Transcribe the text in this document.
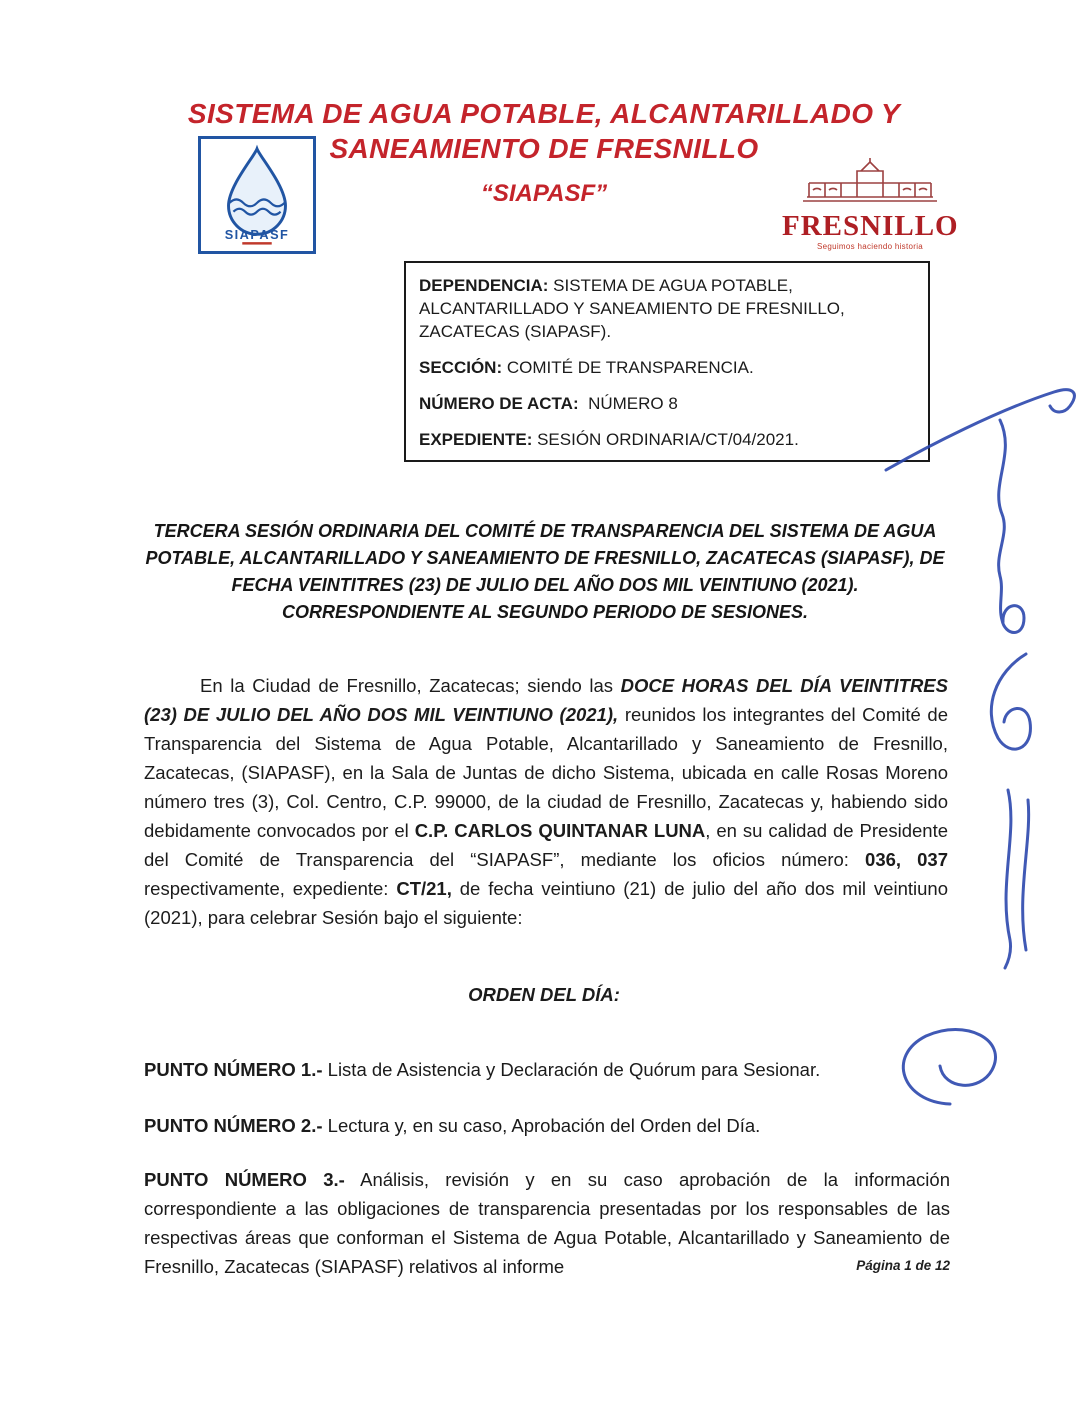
SIAPASF
SISTEMA DE AGUA POTABLE, ALCANTARILLADO Y
SANEAMIENTO DE FRESNILLO
“SIAPASF”
FRESNILLO
Seguimos haciendo historia

DEPENDENCIA: SISTEMA DE AGUA POTABLE, ALCANTARILLADO Y SANEAMIENTO DE FRESNILLO, ZACATECAS (SIAPASF).

SECCIÓN: COMITÉ DE TRANSPARENCIA.

NÚMERO DE ACTA: NÚMERO 8

EXPEDIENTE: SESIÓN ORDINARIA/CT/04/2021.

TERCERA SESIÓN ORDINARIA DEL COMITÉ DE TRANSPARENCIA DEL SISTEMA DE AGUA POTABLE, ALCANTARILLADO Y SANEAMIENTO DE FRESNILLO, ZACATECAS (SIAPASF), DE FECHA VEINTITRES (23) DE JULIO DEL AÑO DOS MIL VEINTIUNO (2021). CORRESPONDIENTE AL SEGUNDO PERIODO DE SESIONES.

En la Ciudad de Fresnillo, Zacatecas; siendo las DOCE HORAS DEL DÍA VEINTITRES (23) DE JULIO DEL AÑO DOS MIL VEINTIUNO (2021), reunidos los integrantes del Comité de Transparencia del Sistema de Agua Potable, Alcantarillado y Saneamiento de Fresnillo, Zacatecas, (SIAPASF), en la Sala de Juntas de dicho Sistema, ubicada en calle Rosas Moreno número tres (3), Col. Centro, C.P. 99000, de la ciudad de Fresnillo, Zacatecas y, habiendo sido debidamente convocados por el C.P. CARLOS QUINTANAR LUNA, en su calidad de Presidente del Comité de Transparencia del “SIAPASF”, mediante los oficios número: 036, 037 respectivamente, expediente: CT/21, de fecha veintiuno (21) de julio del año dos mil veintiuno (2021), para celebrar Sesión bajo el siguiente:

ORDEN DEL DÍA:

PUNTO NÚMERO 1.- Lista de Asistencia y Declaración de Quórum para Sesionar.

PUNTO NÚMERO 2.- Lectura y, en su caso, Aprobación del Orden del Día.

PUNTO NÚMERO 3.- Análisis, revisión y en su caso aprobación de la información correspondiente a las obligaciones de transparencia presentadas por los responsables de las respectivas áreas que conforman el Sistema de Agua Potable, Alcantarillado y Saneamiento de Fresnillo, Zacatecas (SIAPASF) relativos al informe	Página 1 de 12
